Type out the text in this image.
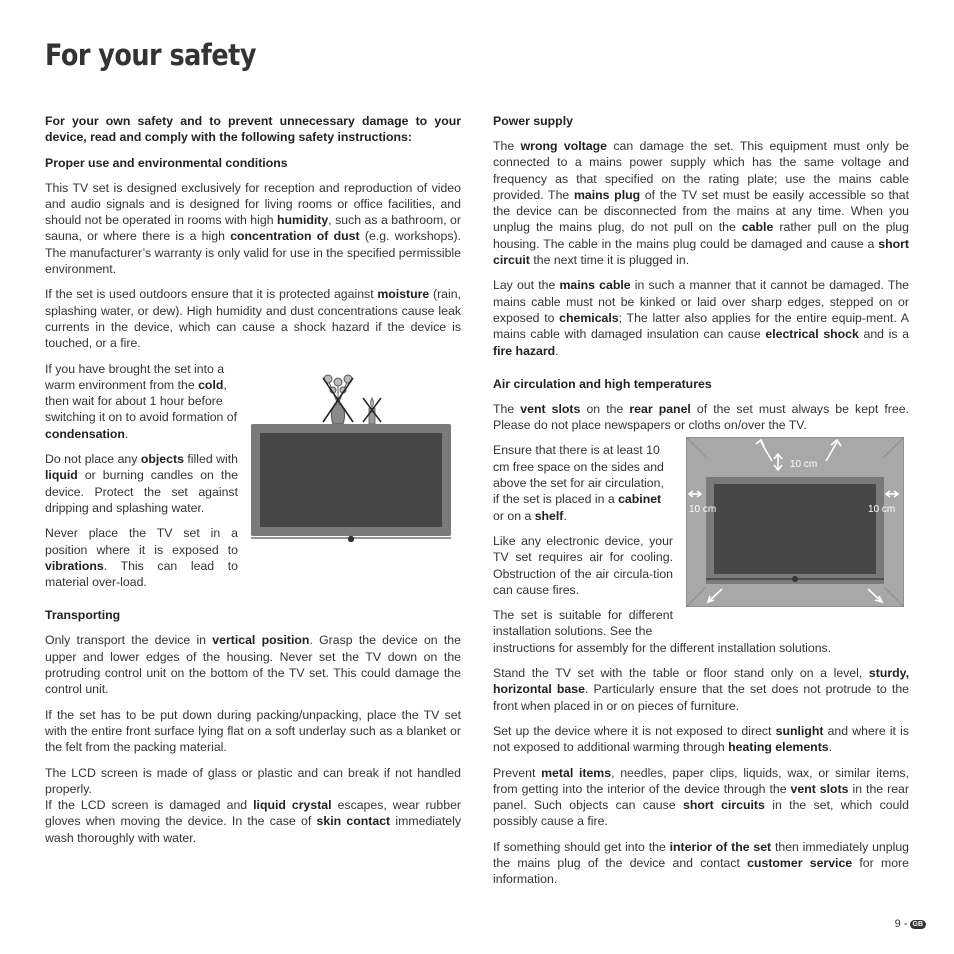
For your safety

For your own safety and to prevent unnecessary damage to your device, read and comply with the following safety instructions:

Proper use and environmental conditions

This TV set is designed exclusively for reception and reproduction of video and audio signals and is designed for living rooms or office facilities, and should not be operated in rooms with high humidity, such as a bathroom, or sauna, or where there is a high concentration of dust (e.g. workshops). The manufacturer’s warranty is only valid for use in the specified permissible environment.

If the set is used outdoors ensure that it is protected against moisture (rain, splashing water, or dew). High humidity and dust concentrations cause leak currents in the device, which can cause a shock hazard if the device is touched, or a fire.

If you have brought the set into a warm environment from the cold, then wait for about 1 hour before switching it on to avoid formation of condensation.

Do not place any objects filled with liquid or burning candles on the device. Protect the set against dripping and splashing water.

Never place the TV set in a position where it is exposed to vibrations. This can lead to material over-load.

Transporting

Only transport the device in vertical position. Grasp the device on the upper and lower edges of the housing. Never set the TV down on the protruding control unit on the bottom of the TV set. This could damage the control unit.

If the set has to be put down during packing/unpacking, place the TV set with the entire front surface lying flat on a soft underlay such as a blanket or the felt from the packing material.

The LCD screen is made of glass or plastic and can break if not handled properly.

If the LCD screen is damaged and liquid crystal escapes, wear rubber gloves when moving the device. In the case of skin contact immediately wash thoroughly with water.

Power supply

The wrong voltage can damage the set. This equipment must only be connected to a mains power supply which has the same voltage and frequency as that specified on the rating plate; use the mains cable provided. The mains plug of the TV set must be easily accessible so that the device can be disconnected from the mains at any time. When you unplug the mains plug, do not pull on the cable rather pull on the plug housing. The cable in the mains plug could be damaged and cause a short circuit the next time it is plugged in.

Lay out the mains cable in such a manner that it cannot be damaged. The mains cable must not be kinked or laid over sharp edges, stepped on or exposed to chemicals; The latter also applies for the entire equip-ment. A mains cable with damaged insulation can cause electrical shock and is a fire hazard.

Air circulation and high temperatures

The vent slots on the rear panel of the set must always be kept free. Please do not place newspapers or cloths on/over the TV.

Ensure that there is at least 10 cm free space on the sides and above the set for air circulation, if the set is placed in a cabinet or on a shelf.

Like any electronic device, your TV set requires air for cooling. Obstruction of the air circula-tion can cause fires.

The set is suitable for different installation solutions. See the

instructions for assembly for the different installation solutions.

Stand the TV set with the table or floor stand only on a level, sturdy, horizontal base. Particularly ensure that the set does not protrude to the front when placed in or on pieces of furniture.

Set up the device where it is not exposed to direct sunlight and where it is not exposed to additional warming through heating elements.

Prevent metal items, needles, paper clips, liquids, wax, or similar items, from getting into the interior of the device through the vent slots in the rear panel. Such objects can cause short circuits in the set, which could possibly cause a fire.

If something should get into the interior of the set then immediately unplug the mains plug of the device and contact customer service for more information.

10 cm
10 cm	10 cm
9 - GB
